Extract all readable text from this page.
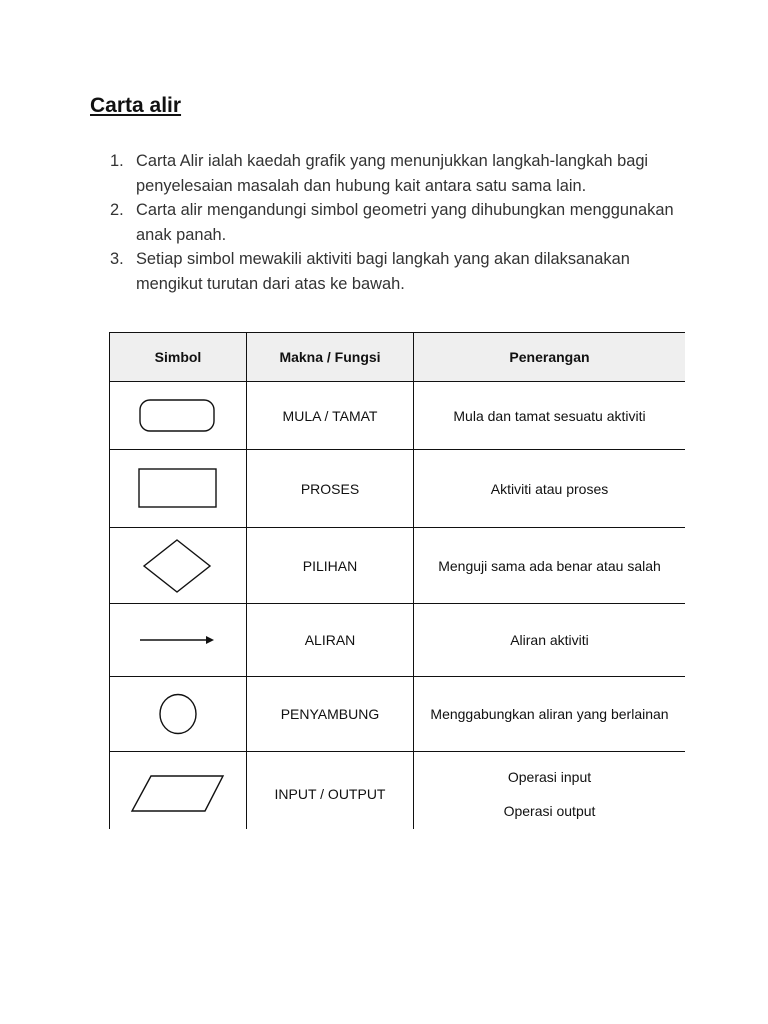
Carta alir
1. Carta Alir ialah kaedah grafik yang menunjukkan langkah-langkah bagi penyelesaian masalah dan hubung kait antara satu sama lain.
2. Carta alir mengandungi simbol geometri yang dihubungkan menggunakan anak panah.
3. Setiap simbol mewakili aktiviti bagi langkah yang akan dilaksanakan mengikut turutan dari atas ke bawah.
Simbol	Makna / Fungsi	Penerangan

	MULA / TAMAT	Mula dan tamat sesuatu aktiviti

	PROSES	Aktiviti atau proses

	PILIHAN	Menguji sama ada benar atau salah

	ALIRAN	Aliran aktiviti

	PENYAMBUNG	Menggabungkan aliran yang berlainan

	INPUT / OUTPUT	Operasi input
Operasi output
